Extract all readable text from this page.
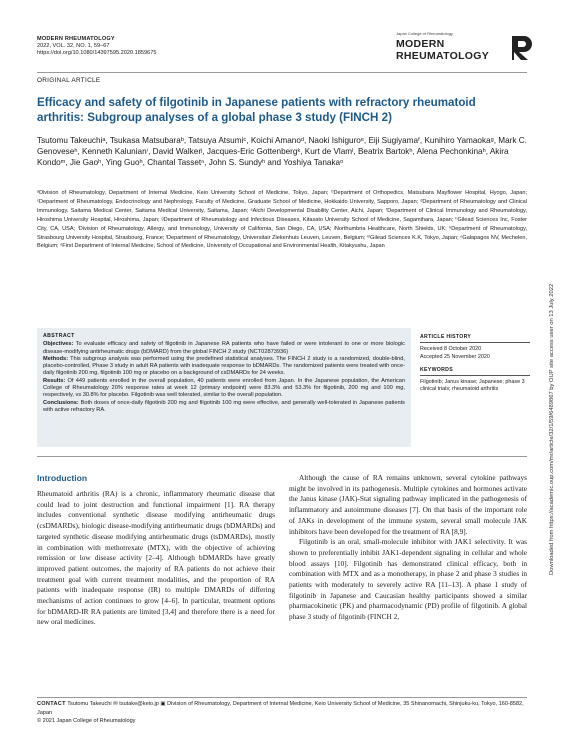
MODERN RHEUMATOLOGY
2022, VOL. 32, NO. 1, 59–67
https://doi.org/10.1080/14397595.2020.1859675
Japan College of Rheumatology
MODERN
RHEUMATOLOGY
ORIGINAL ARTICLE
Efficacy and safety of filgotinib in Japanese patients with refractory rheumatoid arthritis: Subgroup analyses of a global phase 3 study (FINCH 2)
Tsutomu Takeuchiᵃ, Tsukasa Matsubaraᵇ, Tatsuya Atsumiᶜ, Koichi Amanoᵈ, Naoki Ishiguroᵉ, Eiji Sugiyamaᶠ, Kunihiro Yamaokaᵍ, Mark C. Genoveseʰ, Kenneth Kalunianⁱ, David Walkerʲ, Jacques-Eric Gottenbergᵏ, Kurt de Vlamˡ, Beatrix Bartokʰ, Alena Pechonkinaʰ, Akira Kondoᵐ, Jie Gaoʰ, Ying Guoʰ, Chantal Tassetⁿ, John S. Sundyʰ and Yoshiya Tanakaᵒ
ᵃDivision of Rheumatology, Department of Internal Medicine, Keio University School of Medicine, Tokyo, Japan; ᵇDepartment of Orthopedics, Matsubara Mayflower Hospital, Hyogo, Japan; ᶜDepartment of Rheumatology, Endocrinology and Nephrology, Faculty of Medicine, Graduate School of Medicine, Hokkaido University, Sapporo, Japan; ᵈDepartment of Rheumatology and Clinical Immunology, Saitama Medical Center, Saitama Medical University, Saitama, Japan; ᵉAichi Developmental Disability Center, Aichi, Japan; ᶠDepartment of Clinical Immunology and Rheumatology, Hiroshima University Hospital, Hiroshima, Japan; ᵍDepartment of Rheumatology and Infectious Diseases, Kitasato University School of Medicine, Sagamihara, Japan; ʰGilead Sciences Inc, Foster City, CA, USA; ⁱDivision of Rheumatology, Allergy, and Immunology, University of California, San Diego, CA, USA; ʲNorthumbria Healthcare, North Shields, UK; ᵏDepartment of Rheumatology, Strasbourg University Hospital, Strasbourg, France; ˡDepartment of Rheumatology, Universitair Ziekenhuis Leuven, Leuven, Belgium; ᵐGilead Sciences K.K, Tokyo, Japan; ⁿGalapagos NV, Mechelen, Belgium; ᵒFirst Department of Internal Medicine, School of Medicine, University of Occupational and Environmental Health, Kitakyushu, Japan
ABSTRACT
Objectives: To evaluate efficacy and safety of filgotinib in Japanese RA patients who have failed or were intolerant to one or more biologic disease-modifying antirheumatic drugs (bDMARD) from the global FINCH 2 study (NCT02873936)
Methods: This subgroup analysis was performed using the predefined statistical analyses. The FINCH 2 study is a randomized, double-blind, placebo-controlled, Phase 3 study in adult RA patients with inadequate response to bDMARDs. The randomized patients were treated with once-daily filgotinib 200 mg, filgotinib 100 mg or placebo on a background of csDMARDs for 24 weeks.
Results: Of 449 patients enrolled in the overall population, 40 patients were enrolled from Japan. In the Japanese population, the American College of Rheumatology 20% response rates at week 12 (primary endpoint) were 83.3% and 53.3% for filgotinib, 200 mg and 100 mg, respectively, vs 30.8% for placebo. Filgotinib was well tolerated, similar to the overall population.
Conclusions: Both doses of once-daily filgotinib 200 mg and filgotinib 100 mg were effective, and generally well-tolerated in Japanese patients with active refractory RA.
ARTICLE HISTORY
Received 8 October 2020
Accepted 25 November 2020
KEYWORDS
Filgotinib; Janus kinase; Japanese; phase 3 clinical trials; rheumatoid arthritis
Introduction

Rheumatoid arthritis (RA) is a chronic, inflammatory rheumatic disease that could lead to joint destruction and functional impairment [1]. RA therapy includes conventional synthetic disease modifying antirheumatic drugs (csDMARDs), biologic disease-modifying antirheumatic drugs (bDMARDs) and targeted synthetic disease modifying antirheumatic drugs (tsDMARDs), mostly in combination with methotrexate (MTX), with the objective of achieving remission or low disease activity [2–4]. Although bDMARDs have greatly improved patient outcomes, the majority of RA patients do not achieve their treatment goal with current treatment modalities, and the proportion of RA patients with inadequate response (IR) to multiple DMARDs of differing mechanisms of action continues to grow [4–6]. In particular, treatment options for bDMARD-IR RA patients are limited [3,4] and therefore there is a need for new oral medicines.

Although the cause of RA remains unknown, several cytokine pathways might be involved in its pathogenesis. Multiple cytokines and hormones activate the Janus kinase (JAK)-Stat signaling pathway implicated in the pathogenesis of inflammatory and autoimmune diseases [7]. On that basis of the important role of JAKs in development of the immune system, several small molecule JAK inhibitors have been developed for the treatment of RA [8,9].

Filgotinib is an oral, small-molecule inhibitor with JAK1 selectivity. It was shown to preferentially inhibit JAK1-dependent signaling in cellular and whole blood assays [10]. Filgotinib has demonstrated clinical efficacy, both in combination with MTX and as a monotherapy, in phase 2 and phase 3 studies in patients with moderately to severely active RA [11–13]. A phase 1 study of filgotinib in Japanese and Caucasian healthy participants showed a similar pharmacokinetic (PK) and pharmacodynamic (PD) profile of filgotinib. A global phase 3 study of filgotinib (FINCH 2,

CONTACT Tsutomu Takeuchi ✉ tsutake@keio.jp ▣ Division of Rheumatology, Department of Internal Medicine, Keio University School of Medicine, 35 Shinanomachi, Shinjuku-ku, Tokyo, 160-8582, Japan
© 2021 Japan College of Rheumatology
Downloaded from https://academic.oup.com/mr/article/32/1/59/6489867 by OUP site access user on 13 July 2022
